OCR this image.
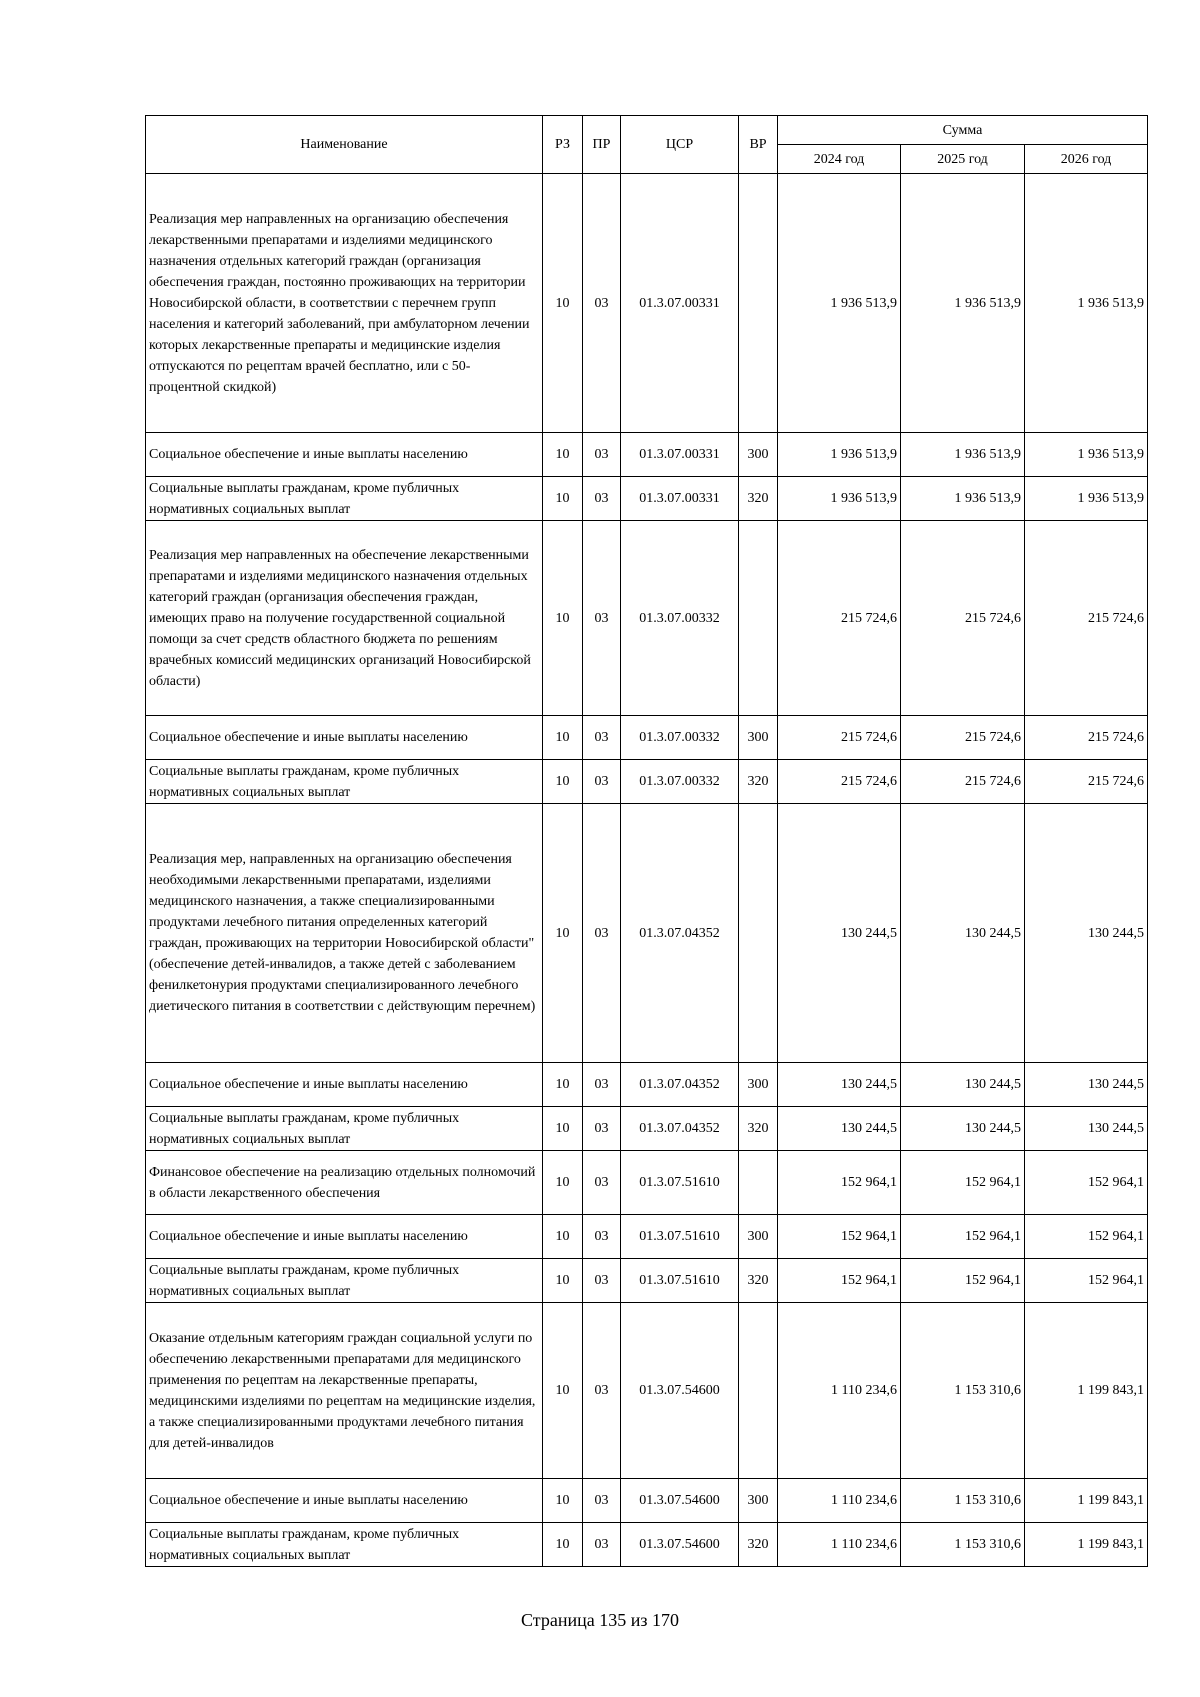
Наименование	РЗ	ПР	ЦСР	ВР	Сумма		
					2024 год	2025 год	2026 год
Реализация мер направленных на организацию обеспечения лекарственными препаратами и изделиями медицинского назначения отдельных категорий граждан (организация обеспечения граждан, постоянно проживающих на территории Новосибирской области, в соответствии с перечнем групп населения и категорий заболеваний, при амбулаторном лечении которых лекарственные препараты и медицинские изделия отпускаются по рецептам врачей бесплатно, или с 50-процентной скидкой)	10	03	01.3.07.00331		1 936 513,9	1 936 513,9	1 936 513,9
Социальное обеспечение и иные выплаты населению	10	03	01.3.07.00331	300	1 936 513,9	1 936 513,9	1 936 513,9
Социальные выплаты гражданам, кроме публичных нормативных социальных выплат	10	03	01.3.07.00331	320	1 936 513,9	1 936 513,9	1 936 513,9
Реализация мер направленных на обеспечение лекарственными препаратами и изделиями медицинского назначения отдельных категорий граждан (организация обеспечения граждан, имеющих право на получение государственной социальной помощи за счет средств областного бюджета по решениям врачебных комиссий медицинских организаций Новосибирской области)	10	03	01.3.07.00332		215 724,6	215 724,6	215 724,6
Социальное обеспечение и иные выплаты населению	10	03	01.3.07.00332	300	215 724,6	215 724,6	215 724,6
Социальные выплаты гражданам, кроме публичных нормативных социальных выплат	10	03	01.3.07.00332	320	215 724,6	215 724,6	215 724,6
Реализация мер, направленных на организацию обеспечения необходимыми лекарственными препаратами, изделиями медицинского назначения, а также специализированными продуктами лечебного питания определенных категорий граждан, проживающих на территории Новосибирской области" (обеспечение детей-инвалидов, а также детей с заболеванием фенилкетонурия продуктами специализированного лечебного диетического питания в соответствии с действующим перечнем)	10	03	01.3.07.04352		130 244,5	130 244,5	130 244,5
Социальное обеспечение и иные выплаты населению	10	03	01.3.07.04352	300	130 244,5	130 244,5	130 244,5
Социальные выплаты гражданам, кроме публичных нормативных социальных выплат	10	03	01.3.07.04352	320	130 244,5	130 244,5	130 244,5
Финансовое обеспечение на реализацию отдельных полномочий в области лекарственного обеспечения	10	03	01.3.07.51610		152 964,1	152 964,1	152 964,1
Социальное обеспечение и иные выплаты населению	10	03	01.3.07.51610	300	152 964,1	152 964,1	152 964,1
Социальные выплаты гражданам, кроме публичных нормативных социальных выплат	10	03	01.3.07.51610	320	152 964,1	152 964,1	152 964,1
Оказание отдельным категориям граждан социальной услуги по обеспечению лекарственными препаратами для медицинского применения по рецептам на лекарственные препараты, медицинскими изделиями по рецептам на медицинские изделия, а также специализированными продуктами лечебного питания для детей-инвалидов	10	03	01.3.07.54600		1 110 234,6	1 153 310,6	1 199 843,1
Социальное обеспечение и иные выплаты населению	10	03	01.3.07.54600	300	1 110 234,6	1 153 310,6	1 199 843,1
Социальные выплаты гражданам, кроме публичных нормативных социальных выплат	10	03	01.3.07.54600	320	1 110 234,6	1 153 310,6	1 199 843,1
Страница 135 из 170
